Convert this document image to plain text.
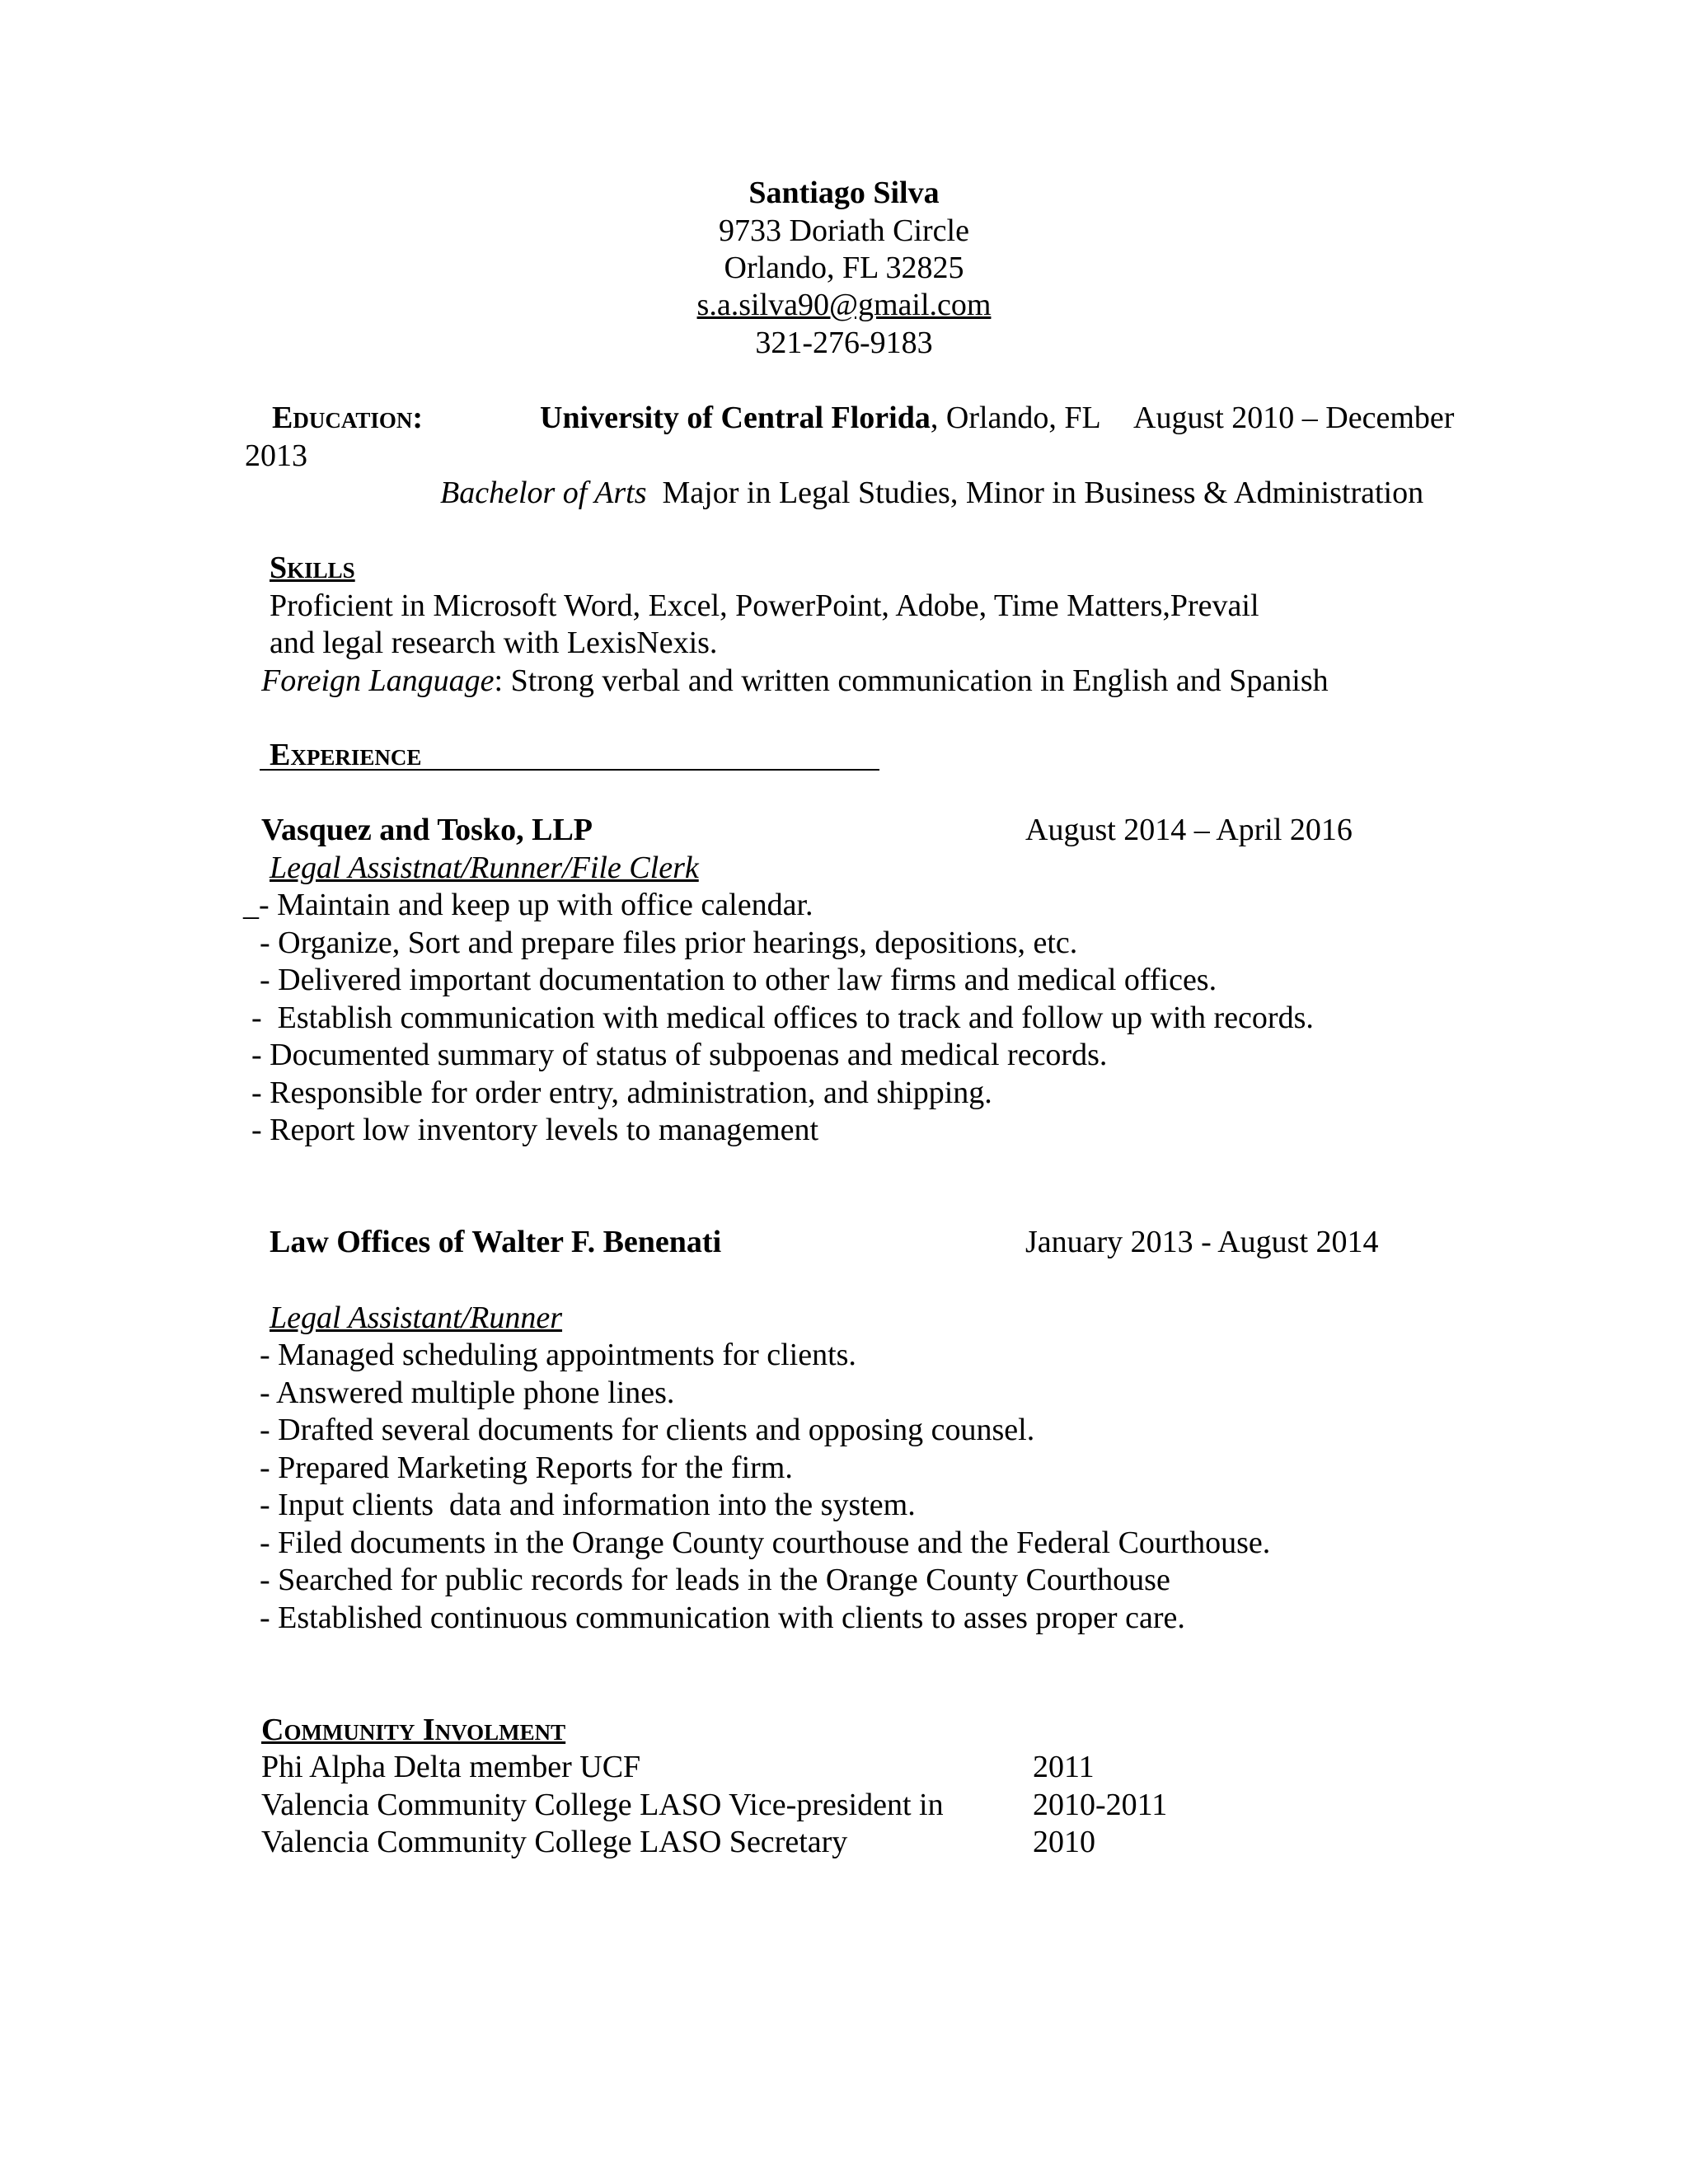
Santiago Silva
9733 Doriath Circle
Orlando, FL 32825
s.a.silva90@gmail.com
321-276-9183
Education:	University of Central Florida, Orlando, FL August 2010 – December
2013
Bachelor of Arts Major in Legal Studies, Minor in Business & Administration
Skills
Proficient in Microsoft Word, Excel, PowerPoint, Adobe, Time Matters,Prevail
and legal research with LexisNexis.
Foreign Language: Strong verbal and written communication in English and Spanish
Experience
Vasquez and Tosko, LLP	August 2014 – April 2016
Legal Assistnat/Runner/File Clerk
_- Maintain and keep up with office calendar.
- Organize, Sort and prepare files prior hearings, depositions, etc.
- Delivered important documentation to other law firms and medical offices.
-  Establish communication with medical offices to track and follow up with records.
- Documented summary of status of subpoenas and medical records.
- Responsible for order entry, administration, and shipping.
- Report low inventory levels to management
Law Offices of Walter F. Benenati	January 2013 - August 2014
Legal Assistant/Runner
- Managed scheduling appointments for clients.
- Answered multiple phone lines.
- Drafted several documents for clients and opposing counsel.
- Prepared Marketing Reports for the firm.
- Input clients  data and information into the system.
- Filed documents in the Orange County courthouse and the Federal Courthouse.
- Searched for public records for leads in the Orange County Courthouse
- Established continuous communication with clients to asses proper care.
Community Involment
Phi Alpha Delta member UCF	2011
Valencia Community College LASO Vice-president in	2010-2011
Valencia Community College LASO Secretary	2010
